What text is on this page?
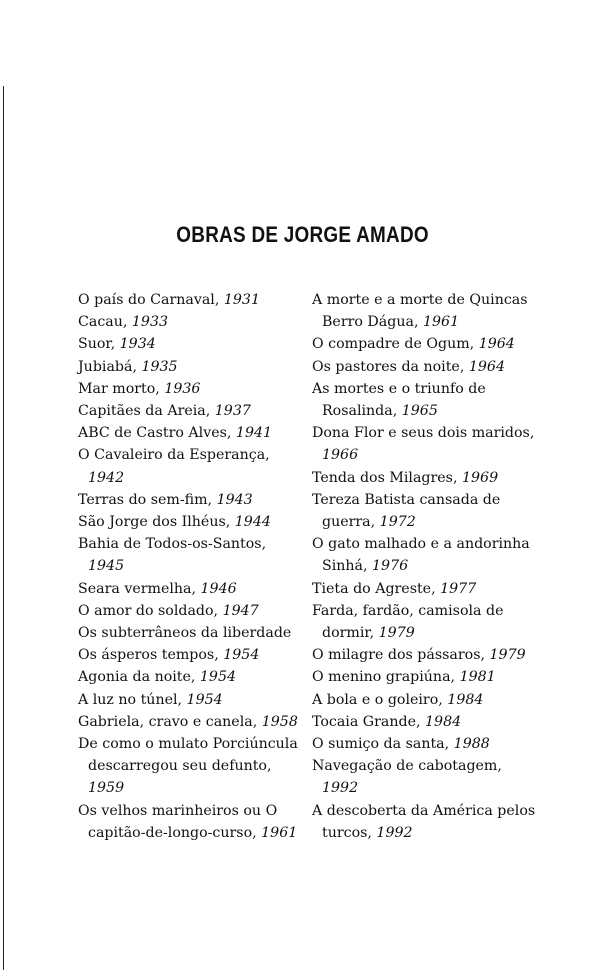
OBRAS DE JORGE AMADO
O país do Carnaval, 1931
Cacau, 1933
Suor, 1934
Jubiabá, 1935
Mar morto, 1936
Capitães da Areia, 1937
ABC de Castro Alves, 1941
O Cavaleiro da Esperança, 1942
Terras do sem-fim, 1943
São Jorge dos Ilhéus, 1944
Bahia de Todos-os-Santos, 1945
Seara vermelha, 1946
O amor do soldado, 1947
Os subterrâneos da liberdade
Os ásperos tempos, 1954
Agonia da noite, 1954
A luz no túnel, 1954
Gabriela, cravo e canela, 1958
De como o mulato Porciúncula descarregou seu defunto, 1959
Os velhos marinheiros ou O capitão-de-longo-curso, 1961
A morte e a morte de Quincas Berro Dágua, 1961
O compadre de Ogum, 1964
Os pastores da noite, 1964
As mortes e o triunfo de Rosalinda, 1965
Dona Flor e seus dois maridos, 1966
Tenda dos Milagres, 1969
Tereza Batista cansada de guerra, 1972
O gato malhado e a andorinha Sinhá, 1976
Tieta do Agreste, 1977
Farda, fardão, camisola de dormir, 1979
O milagre dos pássaros, 1979
O menino grapiúna, 1981
A bola e o goleiro, 1984
Tocaia Grande, 1984
O sumiço da santa, 1988
Navegação de cabotagem, 1992
A descoberta da América pelos turcos, 1992
